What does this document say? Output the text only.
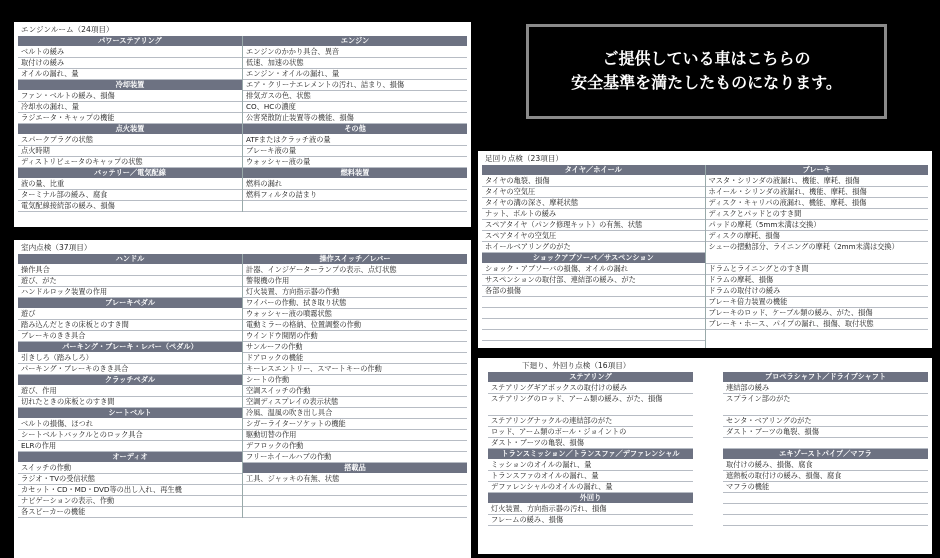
エンジンルーム（24項目）
パワーステアリング
ベルトの緩み
取付けの緩み
オイルの漏れ、量
冷却装置
ファン・ベルトの緩み、損傷
冷却水の漏れ、量
ラジエータ・キャップの機能
点火装置
スパークプラグの状態
点火時期
ディストリビュータのキャップの状態
バッテリー／電気配線
液の量、比重
ターミナル部の緩み、腐食
電気配線接続部の緩み、損傷
エンジン
エンジンのかかり具合、異音
低速、加速の状態
エンジン・オイルの漏れ、量
エア・クリーナエレメントの汚れ、詰まり、損傷
排気ガスの色、状態
CO、HCの濃度
公害発散防止装置等の機能、損傷
その他
ATFまたはクラッチ液の量
ブレーキ液の量
ウォッシャー液の量
燃料装置
燃料の漏れ
燃料フィルタの詰まり
室内点検（37項目）
ハンドル
操作具合
遊び、がた
ハンドルロック装置の作用
ブレーキペダル
遊び
踏み込んだときの床板とのすき間
ブレーキのきき具合
パーキング・ブレーキ・レバー（ペダル）
引きしろ（踏みしろ）
パーキング・ブレーキのきき具合
クラッチペダル
遊び、作用
切れたときの床板とのすき間
シートベルト
ベルトの損傷、ほつれ
シートベルトバックルとのロック具合
ELRの作用
オーディオ
スイッチの作動
ラジオ・TVの受信状態
カセット・CD・MD・DVD等の出し入れ、再生機
ナビゲーションの表示、作動
各スピーカーの機能
操作スイッチ／レバー
計器、インジゲーターランプの表示、点灯状態
警報機の作用
灯火装置、方向指示器の作動
ワイパーの作動、拭き取り状態
ウォッシャー液の噴霧状態
電動ミラーの格納、位置調整の作動
ウインドウ開閉の作動
サンルーフの作動
ドアロックの機能
キーレスエントリー、スマートキーの作動
シートの作動
空調スイッチの作動
空調ディスプレイの表示状態
冷風、温風の吹き出し具合
シガーライターソケットの機能
駆動切替の作用
デフロックの作動
フリーホイールハブの作動
搭載品
工具、ジャッキの有無、状態
ご提供している車はこちらの
安全基準を満たしたものになります。
足回り点検（23項目）
タイヤ／ホイール
タイヤの亀裂、損傷
タイヤの空気圧
タイヤの溝の深さ、摩耗状態
ナット、ボルトの緩み
スペアタイヤ（パンク修理キット）の有無、状態
スペアタイヤの空気圧
ホイールベアリングのがた
ショックアブソーバ／サスペンション
ショック・アブソーバの損傷、オイルの漏れ
サスペンションの取付部、連結部の緩み、がた
各部の損傷
ブレーキ
マスタ・シリンダの液漏れ、機能、摩耗、損傷
ホイール・シリンダの液漏れ、機能、摩耗、損傷
ディスク・キャリパの液漏れ、機能、摩耗、損傷
ディスクとパッドとのすき間
パッドの摩耗（5mm未満は交換）
ディスクの摩耗、損傷
シューの摺動部分、ライニングの摩耗（2mm未満は交換）
ドラムとライニングとのすき間
ドラムの摩耗、損傷
ドラムの取付けの緩み
ブレーキ倍力装置の機能
ブレーキのロッド、ケーブル類の緩み、がた、損傷
ブレーキ・ホース、パイプの漏れ、損傷、取付状態
下廻り、外回り点検（16項目）
ステアリング
ステアリングギアボックスの取付けの緩み
ステアリングのロッド、アーム類の緩み、がた、損傷
ステアリングナックルの連結部のがた
ロッド、アーム類のボール・ジョイントの
ダスト・ブーツの亀裂、損傷
トランスミッション／トランスファ／デファレンシャル
ミッションのオイルの漏れ、量
トランスファのオイルの漏れ、量
デファレンシャルのオイルの漏れ、量
外回り
灯火装置、方向指示器の汚れ、損傷
フレームの緩み、損傷
プロペラシャフト／ドライブシャフト
連結部の緩み
スプライン部のがた
センタ・ベアリングのがた
ダスト・ブーツの亀裂、損傷
エキゾーストパイプ／マフラ
取付けの緩み、損傷、腐食
遮熱板の取付けの緩み、損傷、腐食
マフラの機能
